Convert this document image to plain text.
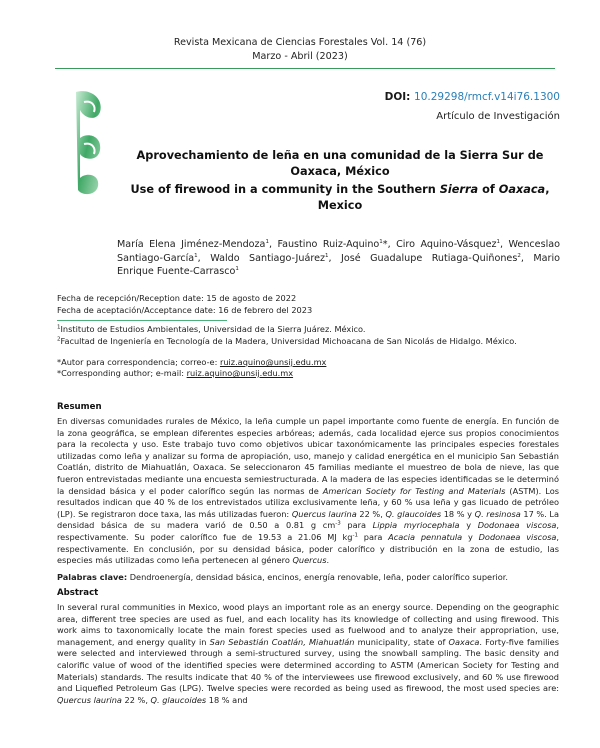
Revista Mexicana de Ciencias Forestales Vol. 14 (76)
Marzo - Abril (2023)
DOI: 10.29298/rmcf.v14i76.1300
Artículo de Investigación
Aprovechamiento de leña en una comunidad de la Sierra Sur de Oaxaca, México
Use of firewood in a community in the Southern Sierra of Oaxaca, Mexico
María Elena Jiménez-Mendoza$^1$, Faustino Ruiz-Aquino$^1$*, Ciro Aquino-Vásquez$^1$, Wenceslao Santiago-García$^1$, Waldo Santiago-Juárez$^1$, José Guadalupe Rutiaga-Quiñones$^2$, Mario Enrique Fuente-Carrasco$^1$
Fecha de recepción/Reception date: 15 de agosto de 2022
Fecha de aceptación/Acceptance date: 16 de febrero del 2023
$^1$Instituto de Estudios Ambientales, Universidad de la Sierra Juárez. México.
$^2$Facultad de Ingeniería en Tecnología de la Madera, Universidad Michoacana de San Nicolás de Hidalgo. México.
*Autor para correspondencia; correo-e: ruiz.aquino@unsij.edu.mx
*Corresponding author; e-mail: ruiz.aquino@unsij.edu.mx
Resumen
En diversas comunidades rurales de México, la leña cumple un papel importante como fuente de energía. En función de la zona geográfica, se emplean diferentes especies arbóreas; además, cada localidad ejerce sus propios conocimientos para la recolecta y uso. Este trabajo tuvo como objetivos ubicar taxonómicamente las principales especies forestales utilizadas como leña y analizar su forma de apropiación, uso, manejo y calidad energética en el municipio San Sebastián Coatlán, distrito de Miahuatlán, Oaxaca. Se seleccionaron 45 familias mediante el muestreo de bola de nieve, las que fueron entrevistadas mediante una encuesta semiestructurada. A la madera de las especies identificadas se le determinó la densidad básica y el poder calorífico según las normas de American Society for Testing and Materials (ASTM). Los resultados indican que 40 % de los entrevistados utiliza exclusivamente leña, y 60 % usa leña y gas licuado de petróleo (LP). Se registraron doce taxa, las más utilizadas fueron: Quercus laurina 22 %, Q. glaucoides 18 % y Q. resinosa 17 %. La densidad básica de su madera varió de 0.50 a 0.81 g $cm^{-3}$ para Lippia myriocephala y Dodonaea viscosa, respectivamente. Su poder calorífico fue de 19.53 a 21.06 MJ $kg^{-1}$ para Acacia pennatula y Dodonaea viscosa, respectivamente. En conclusión, por su densidad básica, poder calorífico y distribución en la zona de estudio, las especies más utilizadas como leña pertenecen al género Quercus.
Palabras clave: Dendroenergía, densidad básica, encinos, energía renovable, leña, poder calorífico superior.
Abstract
In several rural communities in Mexico, wood plays an important role as an energy source. Depending on the geographic area, different tree species are used as fuel, and each locality has its knowledge of collecting and using firewood. This work aims to taxonomically locate the main forest species used as fuelwood and to analyze their appropriation, use, management, and energy quality in San Sebastián Coatlán, Miahuatlán municipality, state of Oaxaca. Forty-five families were selected and interviewed through a semi-structured survey, using the snowball sampling. The basic density and calorific value of wood of the identified species were determined according to ASTM (American Society for Testing and Materials) standards. The results indicate that 40 % of the interviewees use firewood exclusively, and 60 % use firewood and Liquefied Petroleum Gas (LPG). Twelve species were recorded as being used as firewood, the most used species are: Quercus laurina 22 %, Q. glaucoides 18 % and
